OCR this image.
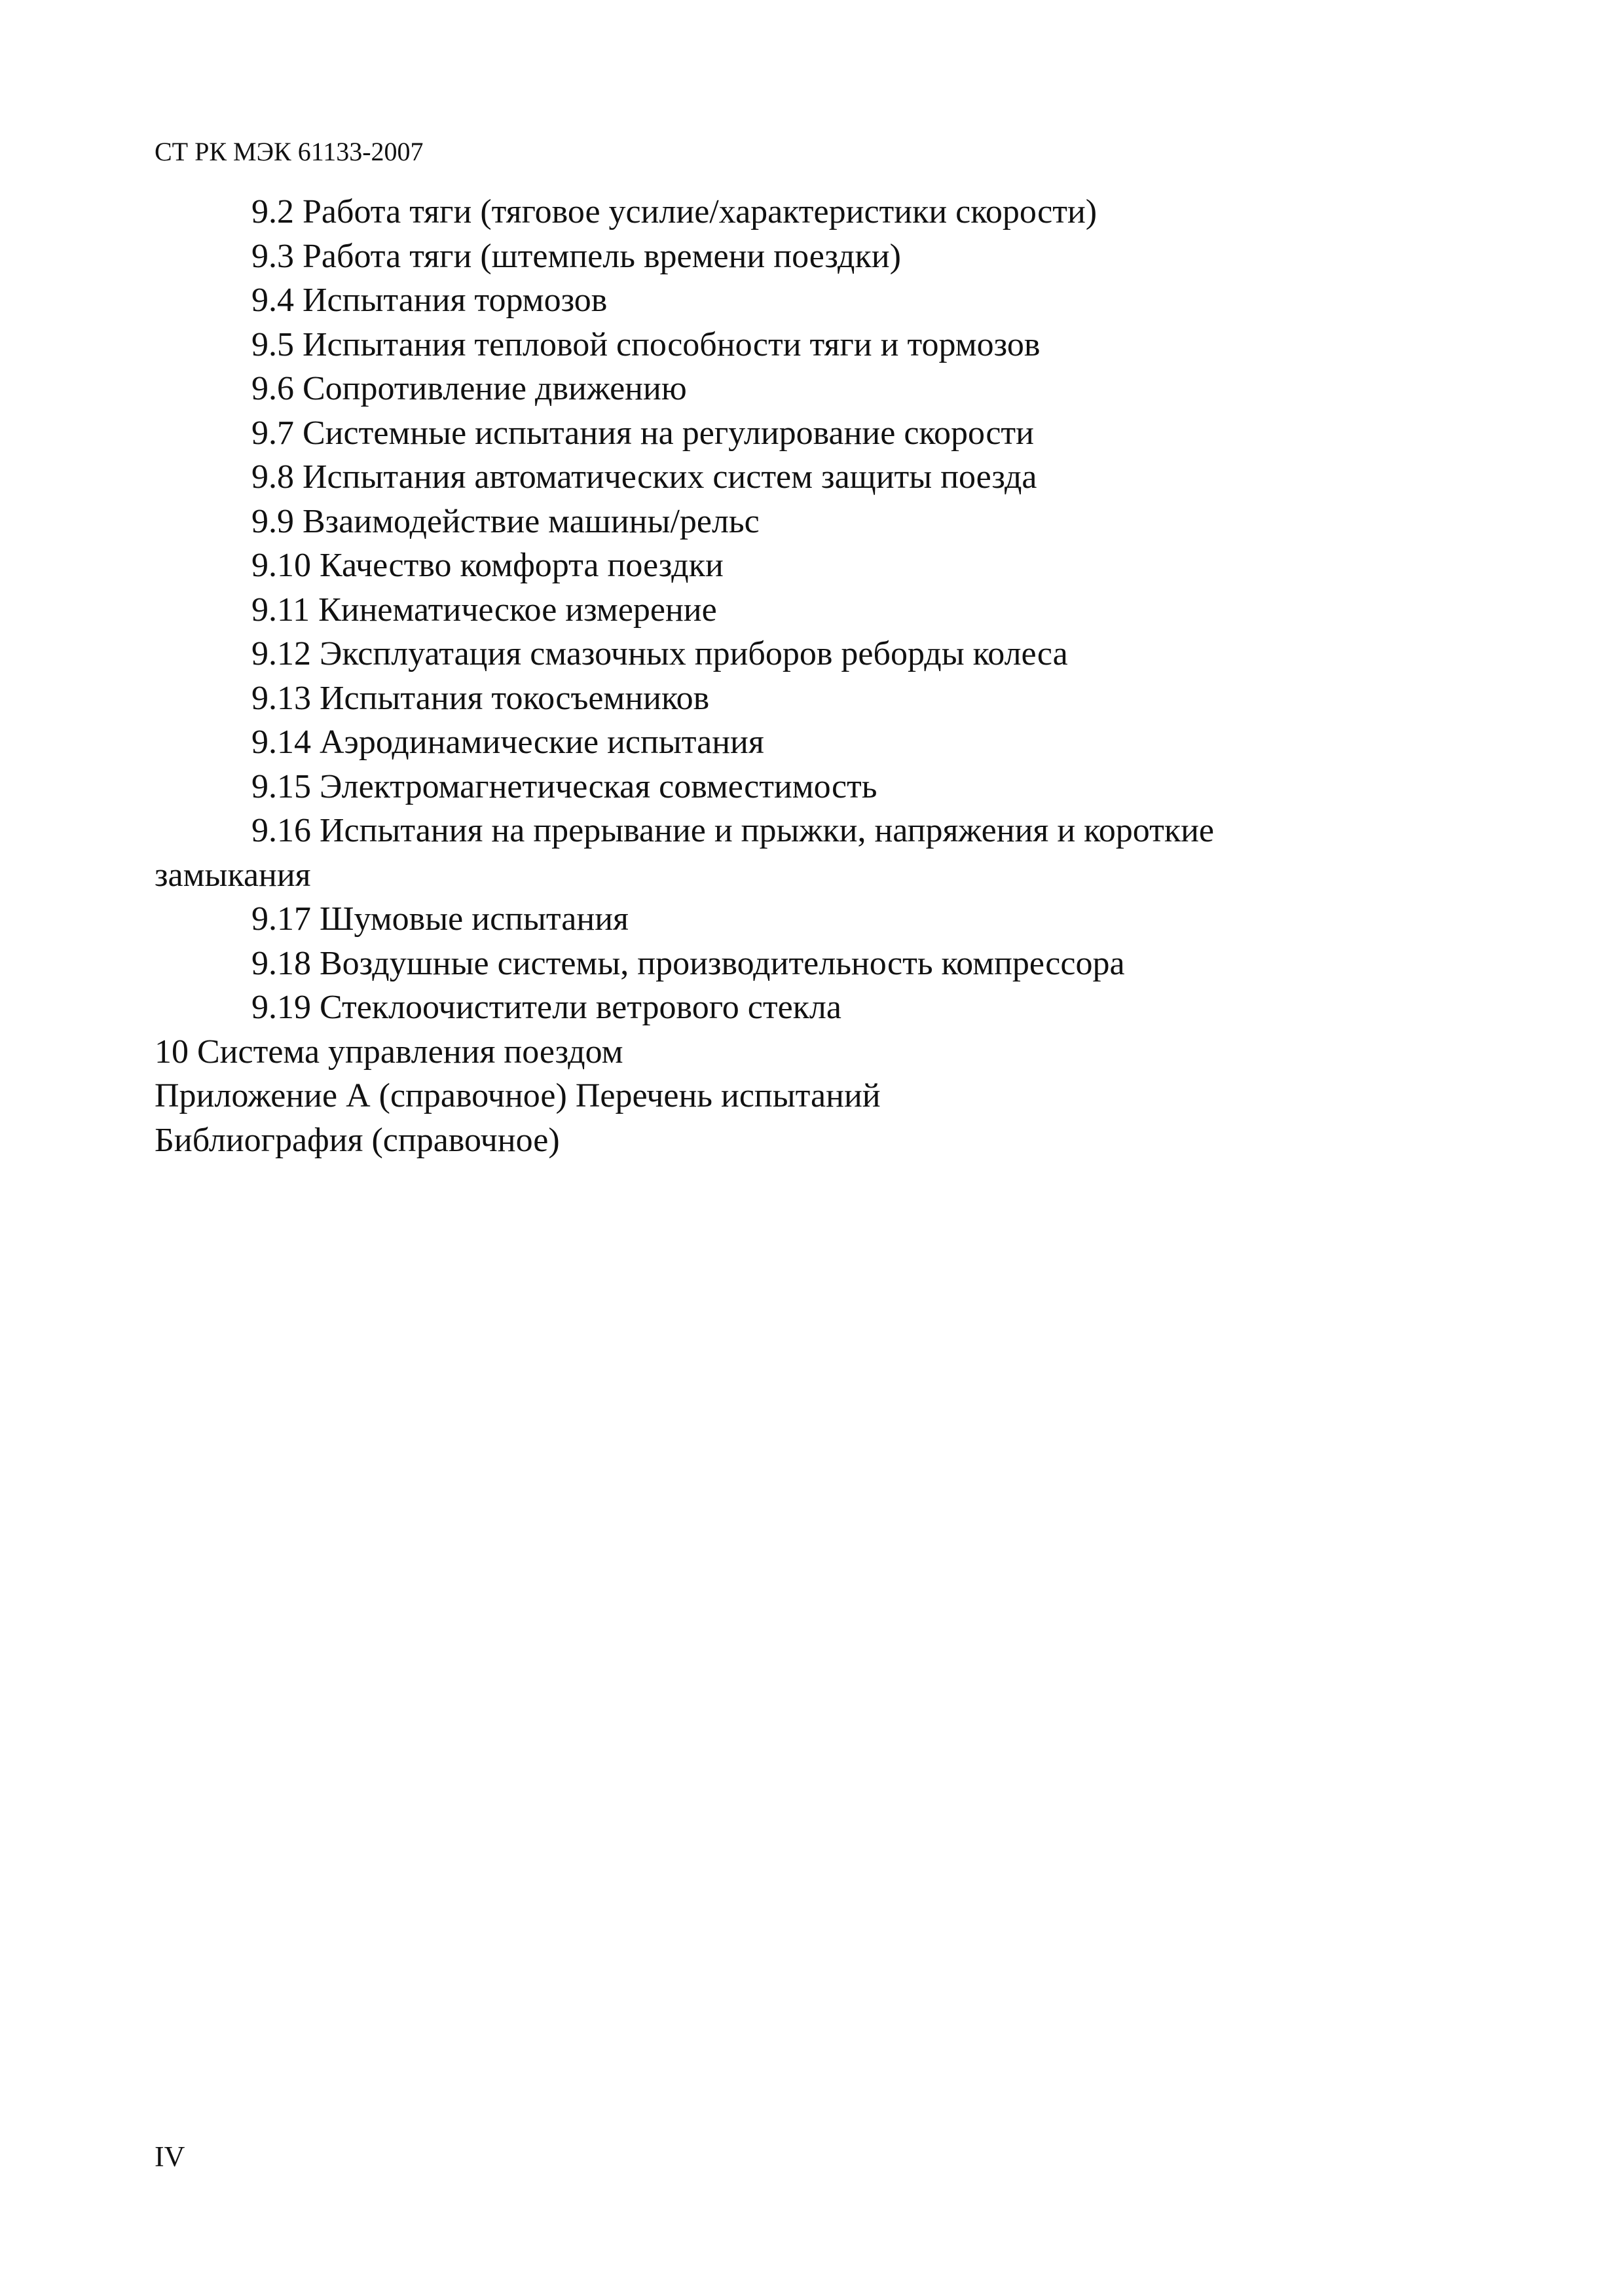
СТ РК МЭК 61133-2007
9.2 Работа тяги (тяговое усилие/характеристики скорости)
9.3 Работа тяги (штемпель времени поездки)
9.4 Испытания тормозов
9.5 Испытания тепловой способности тяги и тормозов
9.6 Сопротивление движению
9.7 Системные испытания на регулирование скорости
9.8 Испытания автоматических систем защиты поезда
9.9 Взаимодействие машины/рельс
9.10 Качество комфорта поездки
9.11 Кинематическое измерение
9.12 Эксплуатация смазочных приборов реборды колеса
9.13 Испытания токосъемников
9.14 Аэродинамические испытания
9.15 Электромагнетическая совместимость
9.16 Испытания на прерывание и прыжки, напряжения и короткие
замыкания
9.17 Шумовые испытания
9.18 Воздушные системы, производительность компрессора
9.19 Стеклоочистители ветрового стекла
10 Система управления поездом
Приложение А (справочное) Перечень испытаний
Библиография (справочное)
IV
